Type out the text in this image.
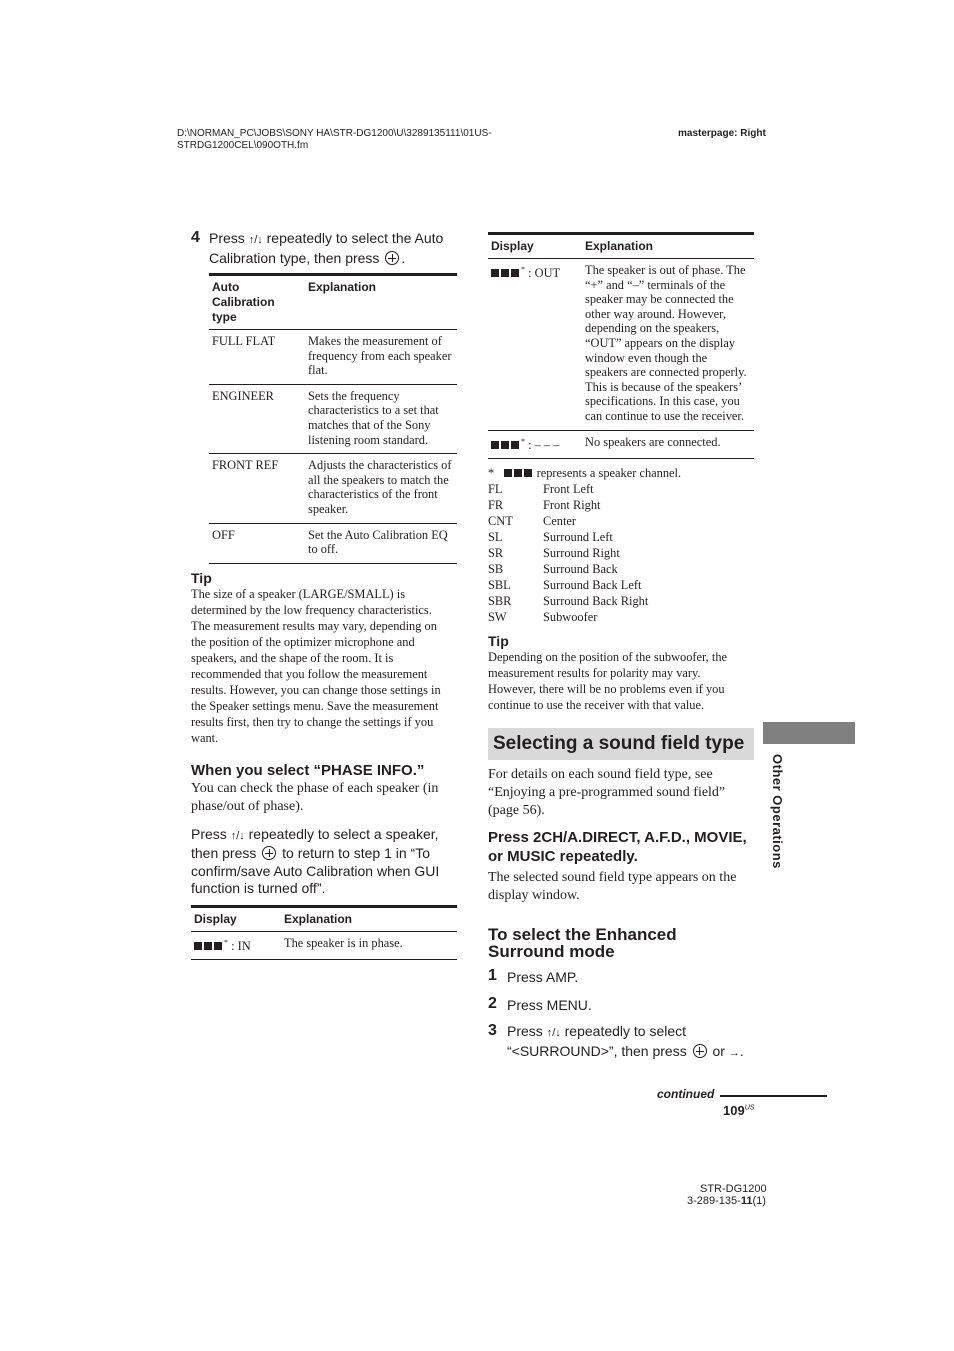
D:\NORMAN_PC\JOBS\SONY HA\STR-DG1200\U\3289135111\01US-
STRDG1200CEL\090OTH.fm
masterpage: Right
4 Press ↑/↓ repeatedly to select the Auto
Calibration type, then press .
Auto Calibration type	Explanation
FULL FLAT	Makes the measurement of frequency from each speaker flat.
ENGINEER	Sets the frequency characteristics to a set that matches that of the Sony listening room standard.
FRONT REF	Adjusts the characteristics of all the speakers to match the characteristics of the front speaker.
OFF	Set the Auto Calibration EQ to off.
Tip
The size of a speaker (LARGE/SMALL) is determined by the low frequency characteristics. The measurement results may vary, depending on the position of the optimizer microphone and speakers, and the shape of the room. It is recommended that you follow the measurement results. However, you can change those settings in the Speaker settings menu. Save the measurement results first, then try to change the settings if you want.
When you select “PHASE INFO.”
You can check the phase of each speaker (in phase/out of phase).
Press ↑/↓ repeatedly to select a speaker, then press  to return to step 1 in “To confirm/save Auto Calibration when GUI function is turned off”.
Display	Explanation
* : IN	The speaker is in phase.
Display	Explanation
* : OUT	The speaker is out of phase. The “+” and “–” terminals of the speaker may be connected the other way around. However, depending on the speakers, “OUT” appears on the display window even though the speakers are connected properly. This is because of the speakers’ specifications. In this case, you can continue to use the receiver.
* : – – –	No speakers are connected.
*	represents a speaker channel.
FL	Front Left
FR	Front Right
CNT	Center
SL	Surround Left
SR	Surround Right
SB	Surround Back
SBL	Surround Back Left
SBR	Surround Back Right
SW	Subwoofer
Tip
Depending on the position of the subwoofer, the measurement results for polarity may vary. However, there will be no problems even if you continue to use the receiver with that value.
Selecting a sound field type
For details on each sound field type, see “Enjoying a pre-programmed sound field” (page 56).
Press 2CH/A.DIRECT, A.F.D., MOVIE, or MUSIC repeatedly.
The selected sound field type appears on the display window.
To select the Enhanced
Surround mode
1 Press AMP.
2 Press MENU.
3 Press ↑/↓ repeatedly to select
“<SURROUND>”, then press  or →.
Other Operations
continued
$109^{US}$
STR-DG1200
3-289-135-11(1)
